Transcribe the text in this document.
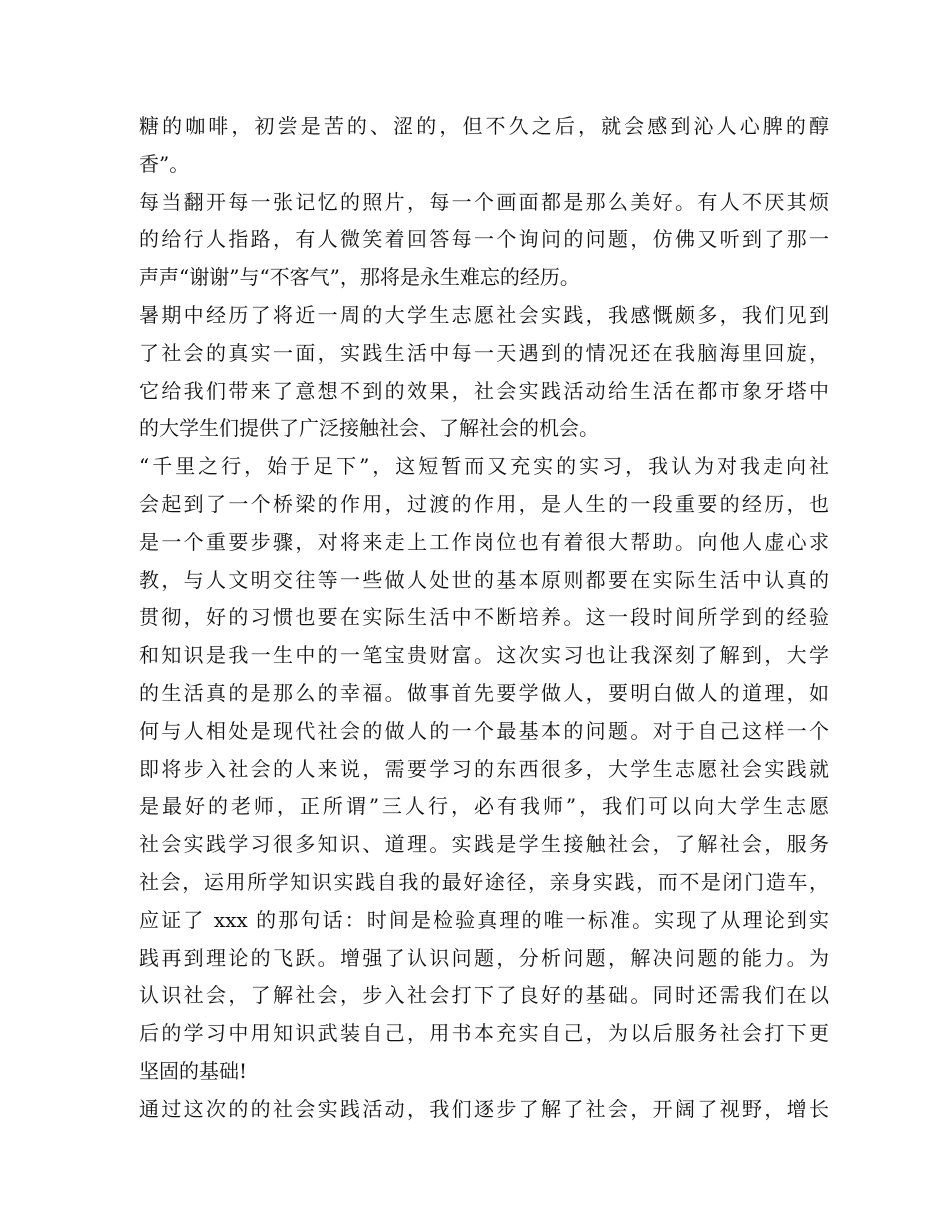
糖的咖啡，初尝是苦的、涩的，但不久之后，就会感到沁人心脾的醇
香”。
每当翻开每一张记忆的照片，每一个画面都是那么美好。有人不厌其烦
的给行人指路，有人微笑着回答每一个询问的问题，仿佛又听到了那一
声声“谢谢”与“不客气”，那将是永生难忘的经历。
暑期中经历了将近一周的大学生志愿社会实践，我感慨颇多，我们见到
了社会的真实一面，实践生活中每一天遇到的情况还在我脑海里回旋，
它给我们带来了意想不到的效果，社会实践活动给生活在都市象牙塔中
的大学生们提供了广泛接触社会、了解社会的机会。
“千里之行，始于足下”，这短暂而又充实的实习，我认为对我走向社
会起到了一个桥梁的作用，过渡的作用，是人生的一段重要的经历，也
是一个重要步骤，对将来走上工作岗位也有着很大帮助。向他人虚心求
教，与人文明交往等一些做人处世的基本原则都要在实际生活中认真的
贯彻，好的习惯也要在实际生活中不断培养。这一段时间所学到的经验
和知识是我一生中的一笔宝贵财富。这次实习也让我深刻了解到，大学
的生活真的是那么的幸福。做事首先要学做人，要明白做人的道理，如
何与人相处是现代社会的做人的一个最基本的问题。对于自己这样一个
即将步入社会的人来说，需要学习的东西很多，大学生志愿社会实践就
是最好的老师，正所谓”三人行，必有我师”，我们可以向大学生志愿
社会实践学习很多知识、道理。实践是学生接触社会，了解社会，服务
社会，运用所学知识实践自我的最好途径，亲身实践，而不是闭门造车，
应证了 xxx 的那句话：时间是检验真理的唯一标准。实现了从理论到实
践再到理论的飞跃。增强了认识问题，分析问题，解决问题的能力。为
认识社会，了解社会，步入社会打下了良好的基础。同时还需我们在以
后的学习中用知识武装自己，用书本充实自己，为以后服务社会打下更
坚固的基础!
通过这次的的社会实践活动，我们逐步了解了社会，开阔了视野，增长
